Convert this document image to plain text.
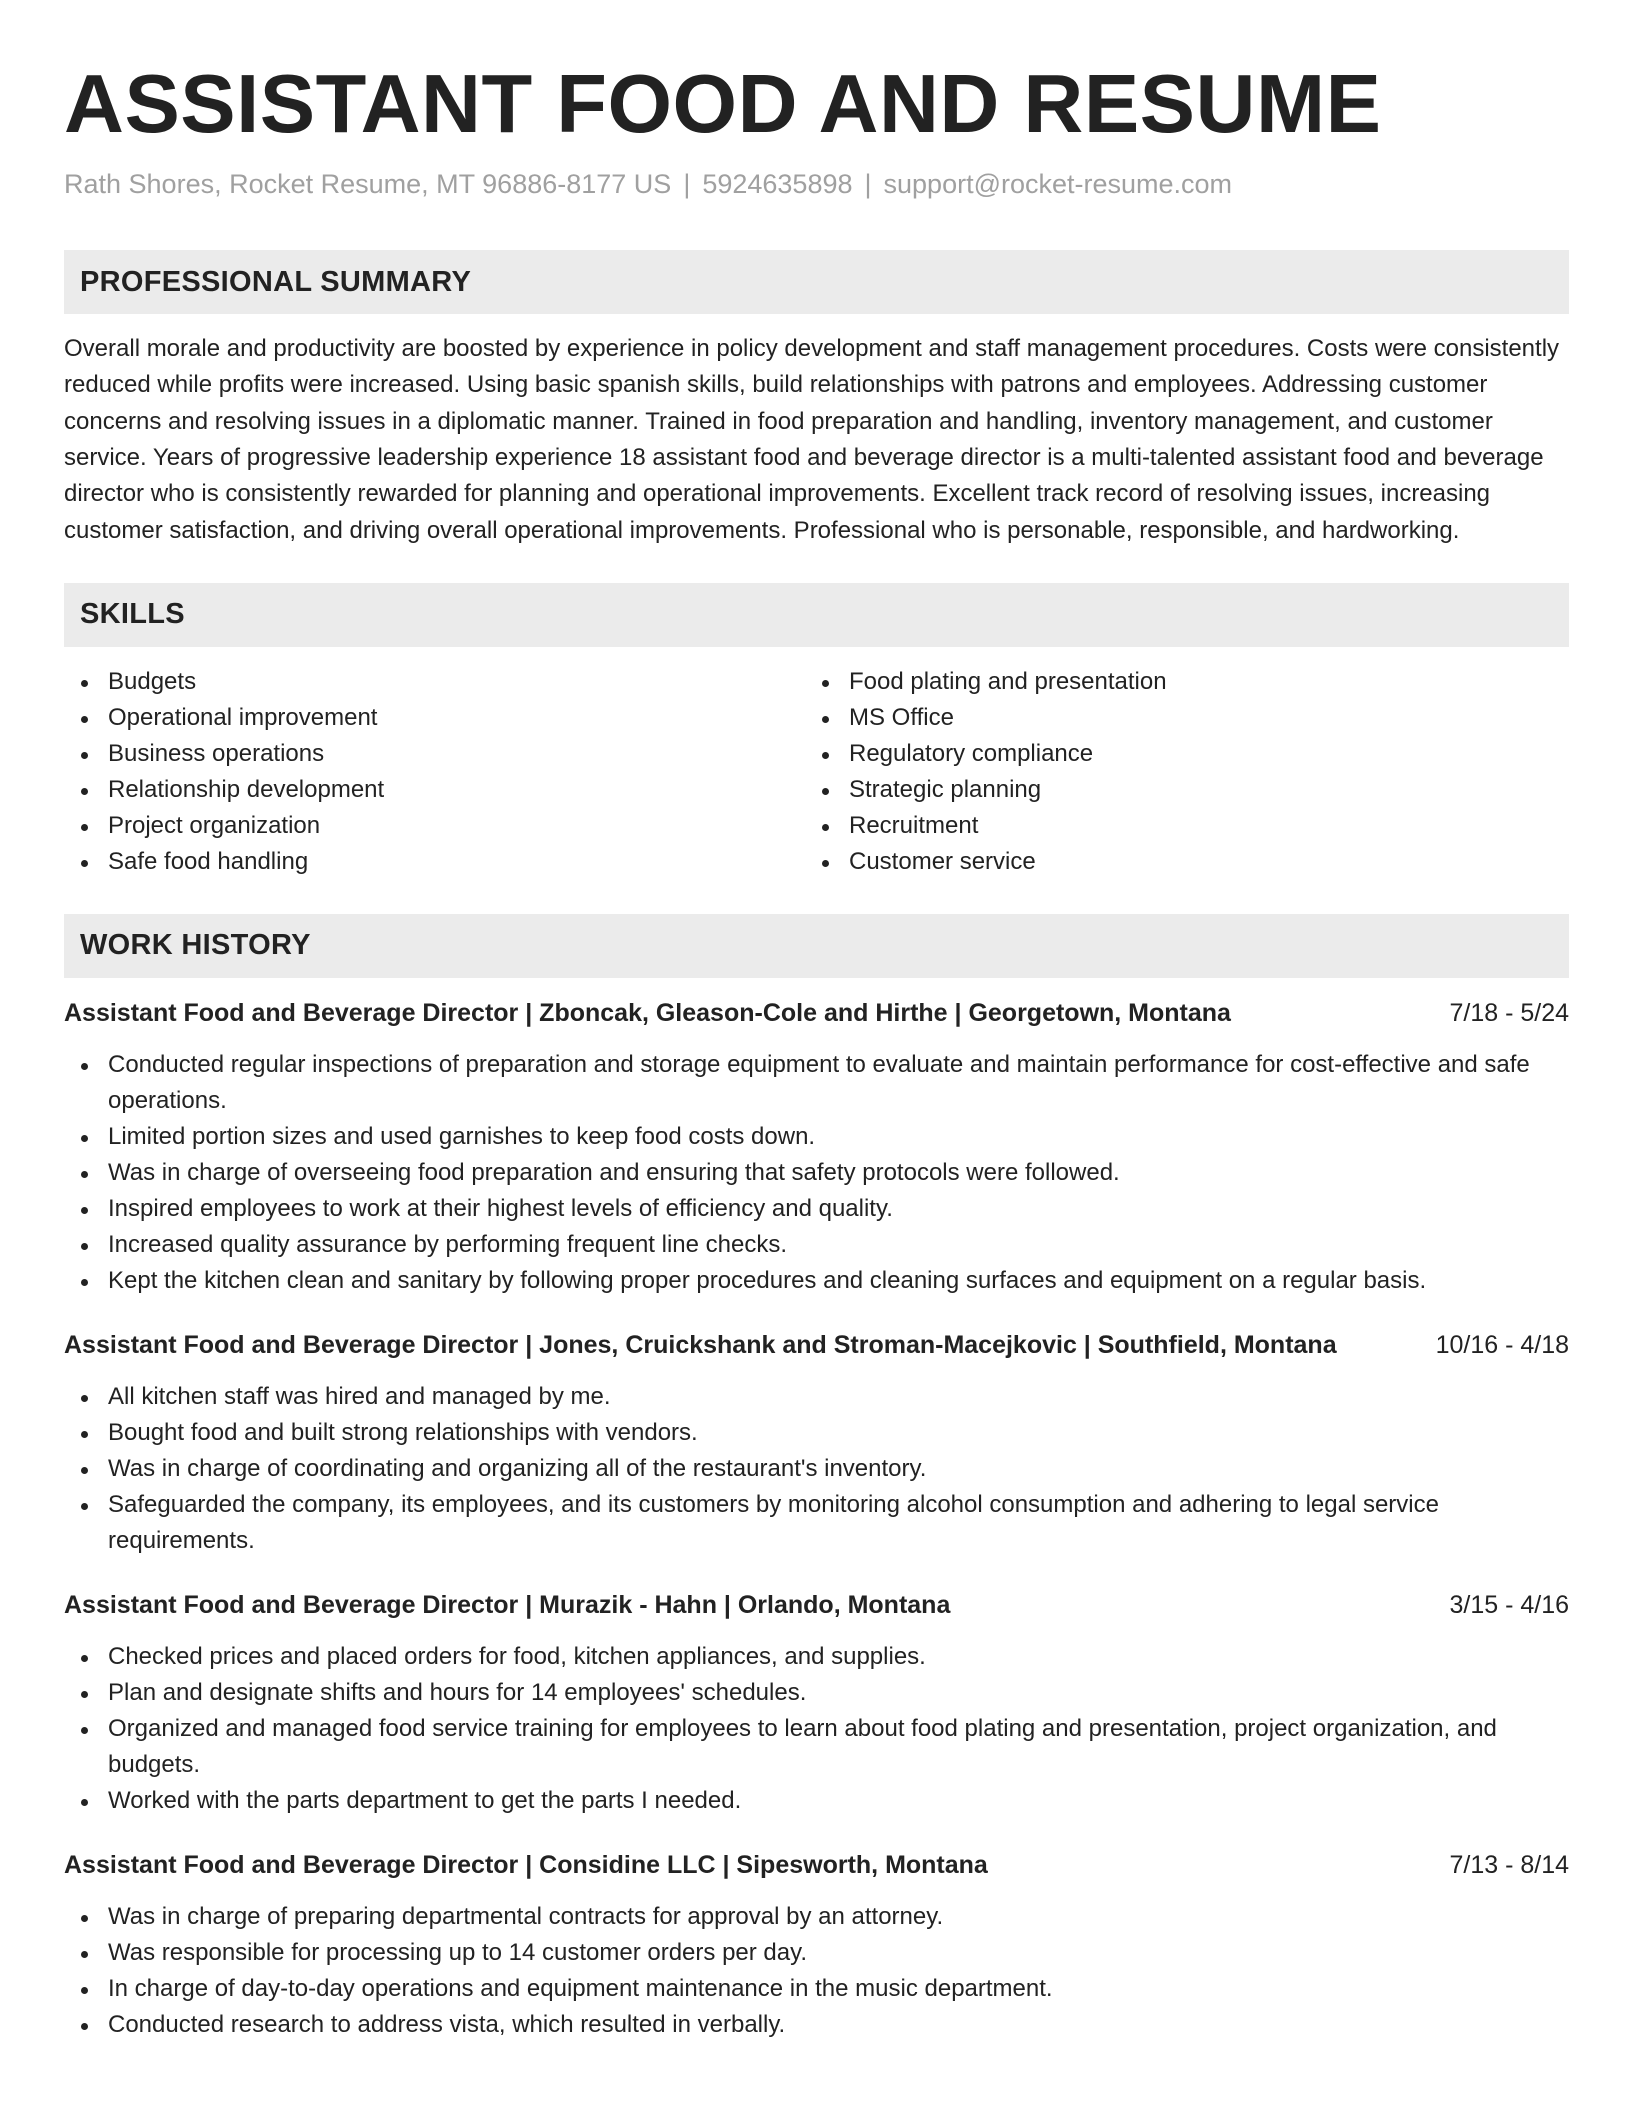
ASSISTANT FOOD AND RESUME
Rath Shores, Rocket Resume, MT 96886-8177 US | 5924635898 | support@rocket-resume.com
PROFESSIONAL SUMMARY
Overall morale and productivity are boosted by experience in policy development and staff management procedures. Costs were consistently reduced while profits were increased. Using basic spanish skills, build relationships with patrons and employees. Addressing customer concerns and resolving issues in a diplomatic manner. Trained in food preparation and handling, inventory management, and customer service. Years of progressive leadership experience 18 assistant food and beverage director is a multi-talented assistant food and beverage director who is consistently rewarded for planning and operational improvements. Excellent track record of resolving issues, increasing customer satisfaction, and driving overall operational improvements. Professional who is personable, responsible, and hardworking.
SKILLS
Budgets
Operational improvement
Business operations
Relationship development
Project organization
Safe food handling
Food plating and presentation
MS Office
Regulatory compliance
Strategic planning
Recruitment
Customer service
WORK HISTORY
Assistant Food and Beverage Director | Zboncak, Gleason-Cole and Hirthe | Georgetown, Montana	7/18 - 5/24
Conducted regular inspections of preparation and storage equipment to evaluate and maintain performance for cost-effective and safe operations.
Limited portion sizes and used garnishes to keep food costs down.
Was in charge of overseeing food preparation and ensuring that safety protocols were followed.
Inspired employees to work at their highest levels of efficiency and quality.
Increased quality assurance by performing frequent line checks.
Kept the kitchen clean and sanitary by following proper procedures and cleaning surfaces and equipment on a regular basis.
Assistant Food and Beverage Director | Jones, Cruickshank and Stroman-Macejkovic | Southfield, Montana	10/16 - 4/18
All kitchen staff was hired and managed by me.
Bought food and built strong relationships with vendors.
Was in charge of coordinating and organizing all of the restaurant's inventory.
Safeguarded the company, its employees, and its customers by monitoring alcohol consumption and adhering to legal service requirements.
Assistant Food and Beverage Director | Murazik - Hahn | Orlando, Montana	3/15 - 4/16
Checked prices and placed orders for food, kitchen appliances, and supplies.
Plan and designate shifts and hours for 14 employees' schedules.
Organized and managed food service training for employees to learn about food plating and presentation, project organization, and budgets.
Worked with the parts department to get the parts I needed.
Assistant Food and Beverage Director | Considine LLC | Sipesworth, Montana	7/13 - 8/14
Was in charge of preparing departmental contracts for approval by an attorney.
Was responsible for processing up to 14 customer orders per day.
In charge of day-to-day operations and equipment maintenance in the music department.
Conducted research to address vista, which resulted in verbally.
